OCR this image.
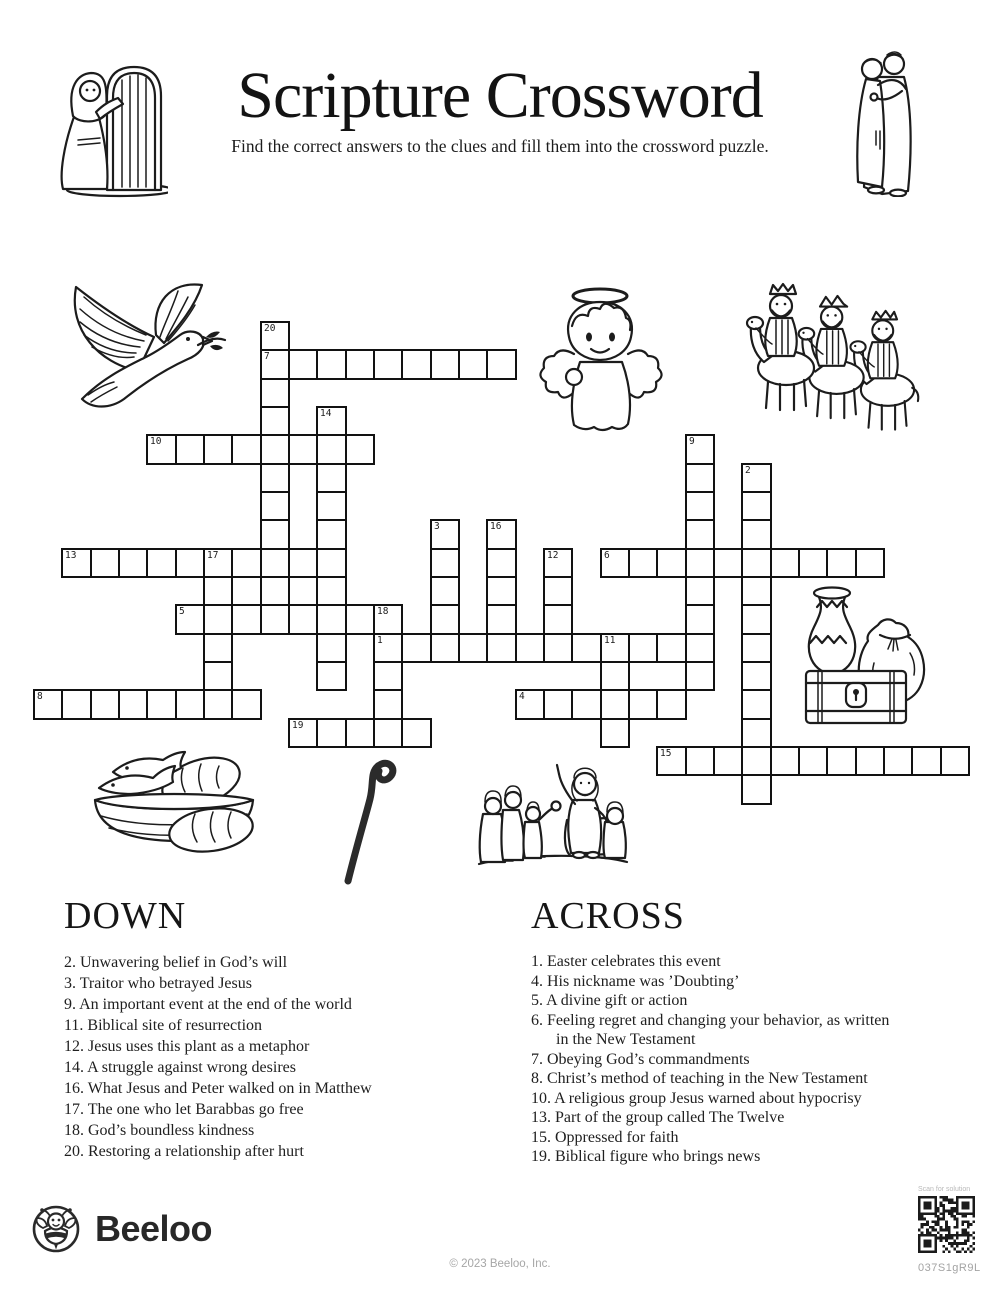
Scripture Crossword

Find the correct answers to the clues and fill them into the crossword puzzle.

20
7
14
10	9
2
3	16
13	17	12	6
5	18
1	11
8	4
19
15
DOWN
2. Unwavering belief in God’s will
3. Traitor who betrayed Jesus
9. An important event at the end of the world
11. Biblical site of resurrection
12. Jesus uses this plant as a metaphor
14. A struggle against wrong desires
16. What Jesus and Peter walked on in Matthew
17. The one who let Barabbas go free
18. God’s boundless kindness
20. Restoring a relationship after hurt
ACROSS
1. Easter celebrates this event
4. His nickname was ’Doubting’
5. A divine gift or action
6. Feeling regret and changing your behavior, as written in the New Testament
7. Obeying God’s commandments
8. Christ’s method of teaching in the New Testament
10. A religious group Jesus warned about hypocrisy
13. Part of the group called The Twelve
15. Oppressed for faith
19. Biblical figure who brings news
Beeloo
Scan for solution
037S1gR9L
© 2023 Beeloo, Inc.
